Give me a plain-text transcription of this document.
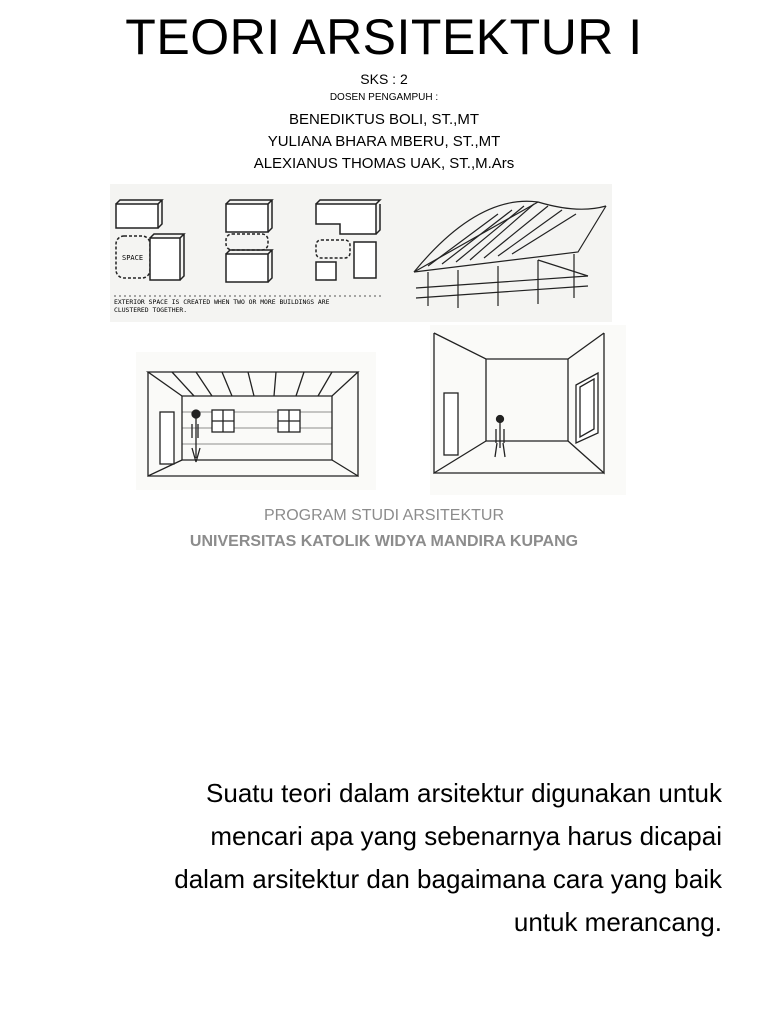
TEORI ARSITEKTUR I
SKS : 2
DOSEN PENGAMPUH :
BENEDIKTUS BOLI, ST.,MT
YULIANA BHARA MBERU, ST.,MT
ALEXIANUS THOMAS UAK, ST.,M.Ars
SPACE
EXTERIOR SPACE IS CREATED WHEN TWO OR MORE BUILDINGS ARE
CLUSTERED TOGETHER.
PROGRAM STUDI ARSITEKTUR
UNIVERSITAS KATOLIK WIDYA MANDIRA KUPANG
Suatu teori dalam arsitektur digunakan untuk
mencari apa yang sebenarnya harus dicapai
dalam arsitektur dan bagaimana cara yang baik
untuk merancang.
